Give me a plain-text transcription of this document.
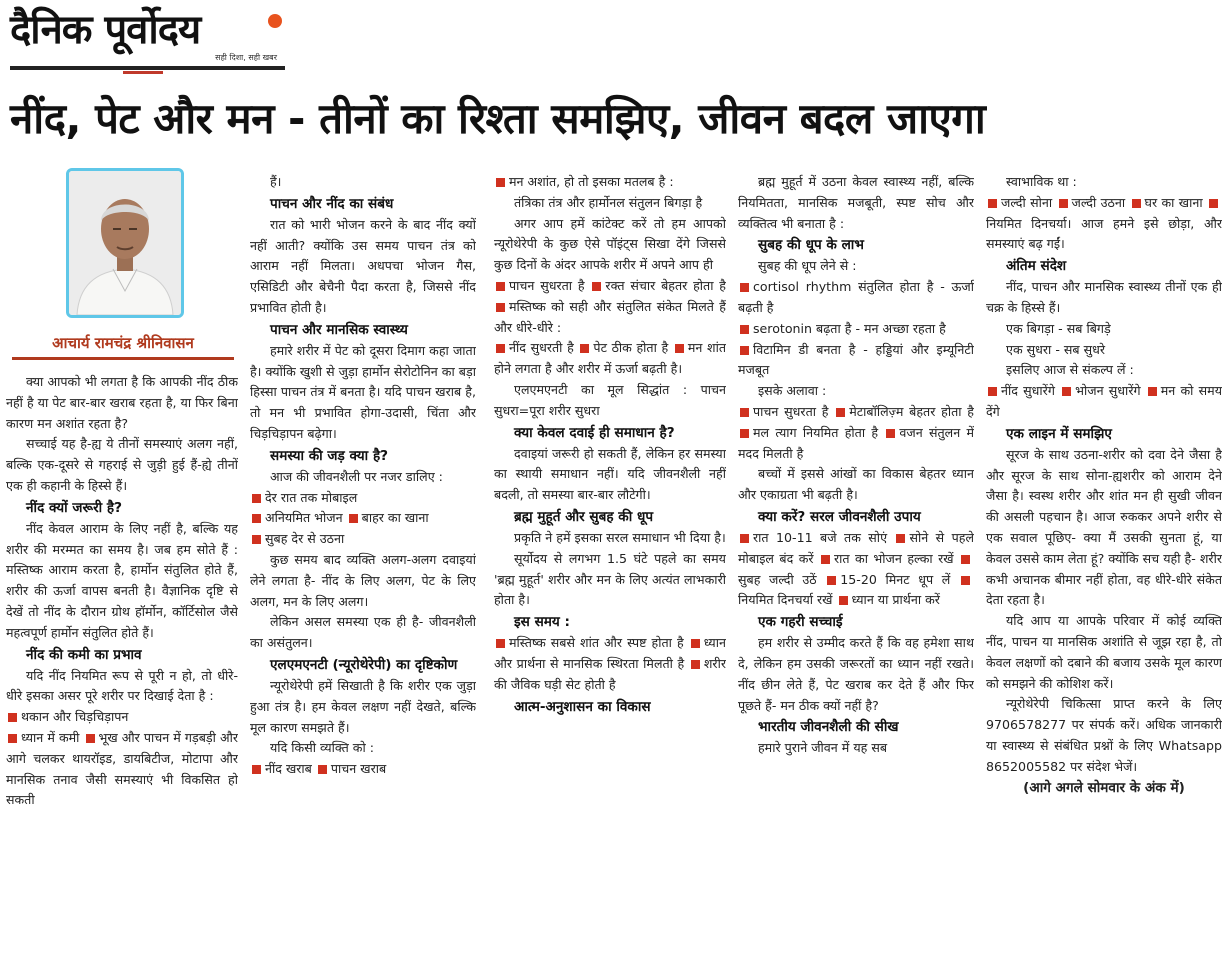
दैनिक पूर्वोदय
सही दिशा, सही खबर
नींद, पेट और मन - तीनों का रिश्ता समझिए, जीवन बदल जाएगा
आचार्य रामचंद्र श्रीनिवासन

क्या आपको भी लगता है कि आपकी नींद ठीक नहीं है या पेट बार-बार खराब रहता है, या फिर बिना कारण मन अशांत रहता है?

सच्चाई यह है-ह्य ये तीनों समस्याएं अलग नहीं, बल्कि एक-दूसरे से गहराई से जुड़ी हुई हैं-ह्ये तीनों एक ही कहानी के हिस्से हैं।

नींद क्यों जरूरी है?

नींद केवल आराम के लिए नहीं है, बल्कि यह शरीर की मरम्मत का समय है। जब हम सोते हैं : मस्तिष्क आराम करता है, हार्मोन संतुलित होते हैं, शरीर की ऊर्जा वापस बनती है। वैज्ञानिक दृष्टि से देखें तो नींद के दौरान ग्रोथ हॉर्मोन, कॉर्टिसोल जैसे महत्वपूर्ण हार्मोन संतुलित होते हैं।

नींद की कमी का प्रभाव

यदि नींद नियमित रूप से पूरी न हो, तो धीरे-धीरे इसका असर पूरे शरीर पर दिखाई देता है :

थकान और चिड़चिड़ापन
ध्यान में कमी भूख और पाचन में गड़बड़ी और आगे चलकर थायरॉइड, डायबिटीज, मोटापा और मानसिक तनाव जैसी समस्याएं भी विकसित हो सकती

हैं।

पाचन और नींद का संबंध

रात को भारी भोजन करने के बाद नींद क्यों नहीं आती? क्योंकि उस समय पाचन तंत्र को आराम नहीं मिलता। अधपचा भोजन गैस, एसिडिटी और बेचैनी पैदा करता है, जिससे नींद प्रभावित होती है।

पाचन और मानसिक स्वास्थ्य

हमारे शरीर में पेट को दूसरा दिमाग कहा जाता है। क्योंकि खुशी से जुड़ा हार्मोन सेरोटोनिन का बड़ा हिस्सा पाचन तंत्र में बनता है। यदि पाचन खराब है, तो मन भी प्रभावित होगा-उदासी, चिंता और चिड़चिड़ापन बढ़ेगा।

समस्या की जड़ क्या है?

आज की जीवनशैली पर नजर डालिए :

देर रात तक मोबाइल
अनियमित भोजन बाहर का खाना
सुबह देर से उठना

कुछ समय बाद व्यक्ति अलग-अलग दवाइयां लेने लगता है- नींद के लिए अलग, पेट के लिए अलग, मन के लिए अलग।

लेकिन असल समस्या एक ही है- जीवनशैली का असंतुलन।

एलएमएनटी (न्यूरोथेरेपी) का दृष्टिकोण

न्यूरोथेरेपी हमें सिखाती है कि शरीर एक जुड़ा हुआ तंत्र है। हम केवल लक्षण नहीं देखते, बल्कि मूल कारण समझते हैं।

यदि किसी व्यक्ति को :

नींद खराब पाचन खराब
मन अशांत, हो तो इसका मतलब है :

तंत्रिका तंत्र और हार्मोनल संतुलन बिगड़ा है

अगर आप हमें कांटेक्ट करें तो हम आपको न्यूरोथेरेपी के कुछ ऐसे पॉइंट्स सिखा देंगे जिससे कुछ दिनों के अंदर आपके शरीर में अपने आप ही

पाचन सुधरता है रक्त संचार बेहतर होता है मस्तिष्क को सही और संतुलित संकेत मिलते हैं और धीरे-धीरे :
नींद सुधरती है पेट ठीक होता है मन शांत होने लगता है और शरीर में ऊर्जा बढ़ती है।

एलएमएनटी का मूल सिद्धांत : पाचन सुधरा=पूरा शरीर सुधरा

क्या केवल दवाई ही समाधान है?

दवाइयां जरूरी हो सकती हैं, लेकिन हर समस्या का स्थायी समाधान नहीं। यदि जीवनशैली नहीं बदली, तो समस्या बार-बार लौटेगी।

ब्रह्म मुहूर्त और सुबह की धूप

प्रकृति ने हमें इसका सरल समाधान भी दिया है।

सूर्योदय से लगभग 1.5 घंटे पहले का समय 'ब्रह्म मुहूर्त' शरीर और मन के लिए अत्यंत लाभकारी होता है।

इस समय :
मस्तिष्क सबसे शांत और स्पष्ट होता है ध्यान और प्रार्थना से मानसिक स्थिरता मिलती है शरीर की जैविक घड़ी सेट होती है
आत्म-अनुशासन का विकास

ब्रह्म मुहूर्त में उठना केवल स्वास्थ्य नहीं, बल्कि नियमितता, मानसिक मजबूती, स्पष्ट सोच और व्यक्तित्व भी बनाता है :

सुबह की धूप के लाभ

सुबह की धूप लेने से :

cortisol rhythm संतुलित होता है - ऊर्जा बढ़ती है
serotonin बढ़ता है - मन अच्छा रहता है
विटामिन डी बनता है - हड्डियां और इम्यूनिटी मजबूत

इसके अलावा :

पाचन सुधरता है मेटाबॉलिज़्म बेहतर होता है मल त्याग नियमित होता है वजन संतुलन में मदद मिलती है

बच्चों में इससे आंखों का विकास बेहतर ध्यान और एकाग्रता भी बढ़ती है।

क्या करें? सरल जीवनशैली उपाय
रात 10-11 बजे तक सोएं सोने से पहले मोबाइल बंद करें रात का भोजन हल्का रखें सुबह जल्दी उठें 15-20 मिनट धूप लें नियमित दिनचर्या रखें ध्यान या प्रार्थना करें
एक गहरी सच्चाई

हम शरीर से उम्मीद करते हैं कि वह हमेशा साथ दे, लेकिन हम उसकी जरूरतों का ध्यान नहीं रखते। नींद छीन लेते हैं, पेट खराब कर देते हैं और फिर पूछते हैं- मन ठीक क्यों नहीं है?

भारतीय जीवनशैली की सीख

हमारे पुराने जीवन में यह सब

स्वाभाविक था :

जल्दी सोना जल्दी उठना घर का खाना नियमित दिनचर्या। आज हमने इसे छोड़ा, और समस्याएं बढ़ गईं।
अंतिम संदेश

नींद, पाचन और मानसिक स्वास्थ्य तीनों एक ही चक्र के हिस्से हैं।

एक बिगड़ा - सब बिगड़े

एक सुधरा - सब सुधरे

इसलिए आज से संकल्प लें :

नींद सुधारेंगे भोजन सुधारेंगे मन को समय देंगे
एक लाइन में समझिए

सूरज के साथ उठना-शरीर को दवा देने जैसा है और सूरज के साथ सोना-ह्यशरीर को आराम देने जैसा है। स्वस्थ शरीर और शांत मन ही सुखी जीवन की असली पहचान है। आज रुककर अपने शरीर से एक सवाल पूछिए- क्या मैं उसकी सुनता हूं, या केवल उससे काम लेता हूं? क्योंकि सच यही है- शरीर कभी अचानक बीमार नहीं होता, वह धीरे-धीरे संकेत देता रहता है।

यदि आप या आपके परिवार में कोई व्यक्ति नींद, पाचन या मानसिक अशांति से जूझ रहा है, तो केवल लक्षणों को दबाने की बजाय उसके मूल कारण को समझने की कोशिश करें।

न्यूरोथेरेपी चिकित्सा प्राप्त करने के लिए 9706578277 पर संपर्क करें। अधिक जानकारी या स्वास्थ्य से संबंधित प्रश्नों के लिए Whatsapp 8652005582 पर संदेश भेजें।

(आगे अगले सोमवार के अंक में)
